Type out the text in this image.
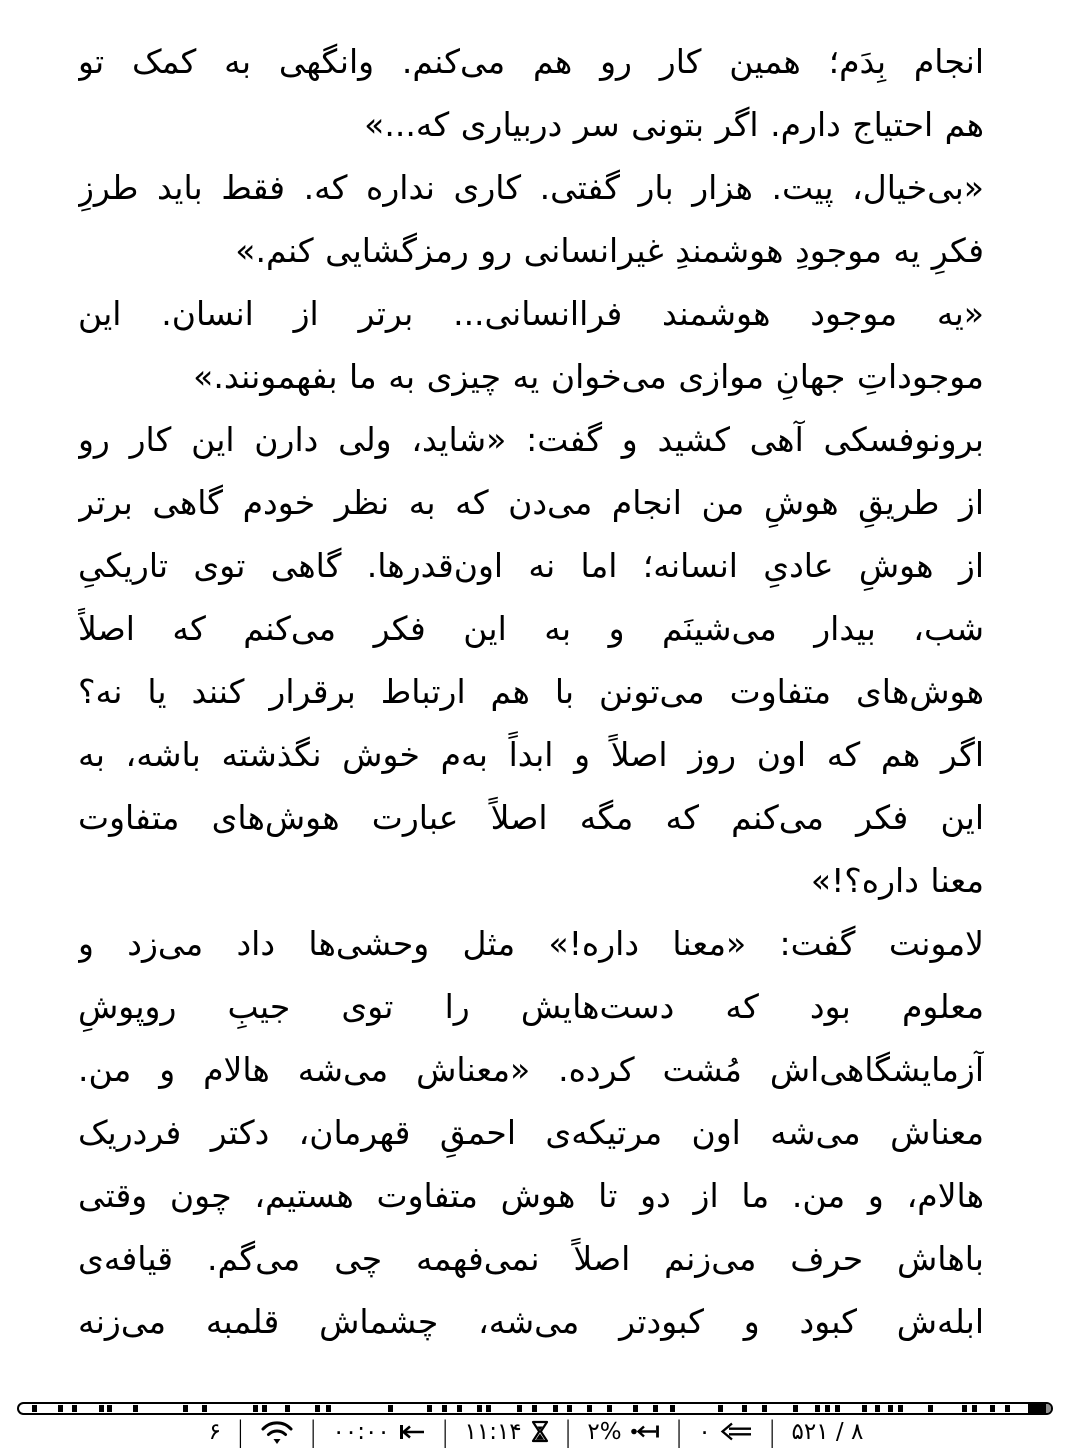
انجام بِدَم؛ همین کار رو هم می‌کنم. وانگهی به کمک تو
هم احتیاج دارم. اگر بتونی سر دربیاری که...»
«بی‌خیال، پیت. هزار بار گفتی. کاری نداره که. فقط باید طرزِ
فکرِ یه موجودِ هوشمندِ غیرانسانی رو رمزگشایی کنم.»
«یه موجود هوشمند فراانسانی... برتر از انسان. این
موجوداتِ جهانِ موازی می‌خوان یه چیزی به ما بفهمونند.»
برونوفسکی آهی کشید و گفت: «شاید، ولی دارن این کار رو
از طریقِ هوشِ من انجام می‌دن که به نظر خودم گاهی برتر
از هوشِ عادیِ انسانه؛ اما نه اون‌قدرها. گاهی توی تاریکیِ
شب، بیدار می‌شینَم و به این فکر می‌کنم که اصلاً
هوش‌های متفاوت می‌تونن با هم ارتباط برقرار کنند یا نه؟
اگر هم که اون روز اصلاً و ابداً به‌م خوش نگذشته باشه، به
این فکر می‌کنم که مگه اصلاً عبارت هوش‌های متفاوت
معنا داره؟!»
لامونت گفت: «معنا داره!» مثل وحشی‌ها داد می‌زد و
معلوم بود که دست‌هایش را توی جیبِ روپوشِ
آزمایشگاهی‌اش مُشت کرده. «معناش می‌شه هالام و من.
معناش می‌شه اون مرتیکه‌ی احمقِ قهرمان، دکتر فردریک
هالام، و من. ما از دو تا هوش متفاوت هستیم، چون وقتی
باهاش حرف می‌زنم اصلاً نمی‌فهمه چی می‌گم. قیافه‌ی
ابله‌ش کبود و کبودتر می‌شه، چشماش قلمبه می‌زنه
۶ | | ۰۰:۰۰ | ۱۱:۱۴ | ۲% | ۰ | ۵۲۱ / ۸
